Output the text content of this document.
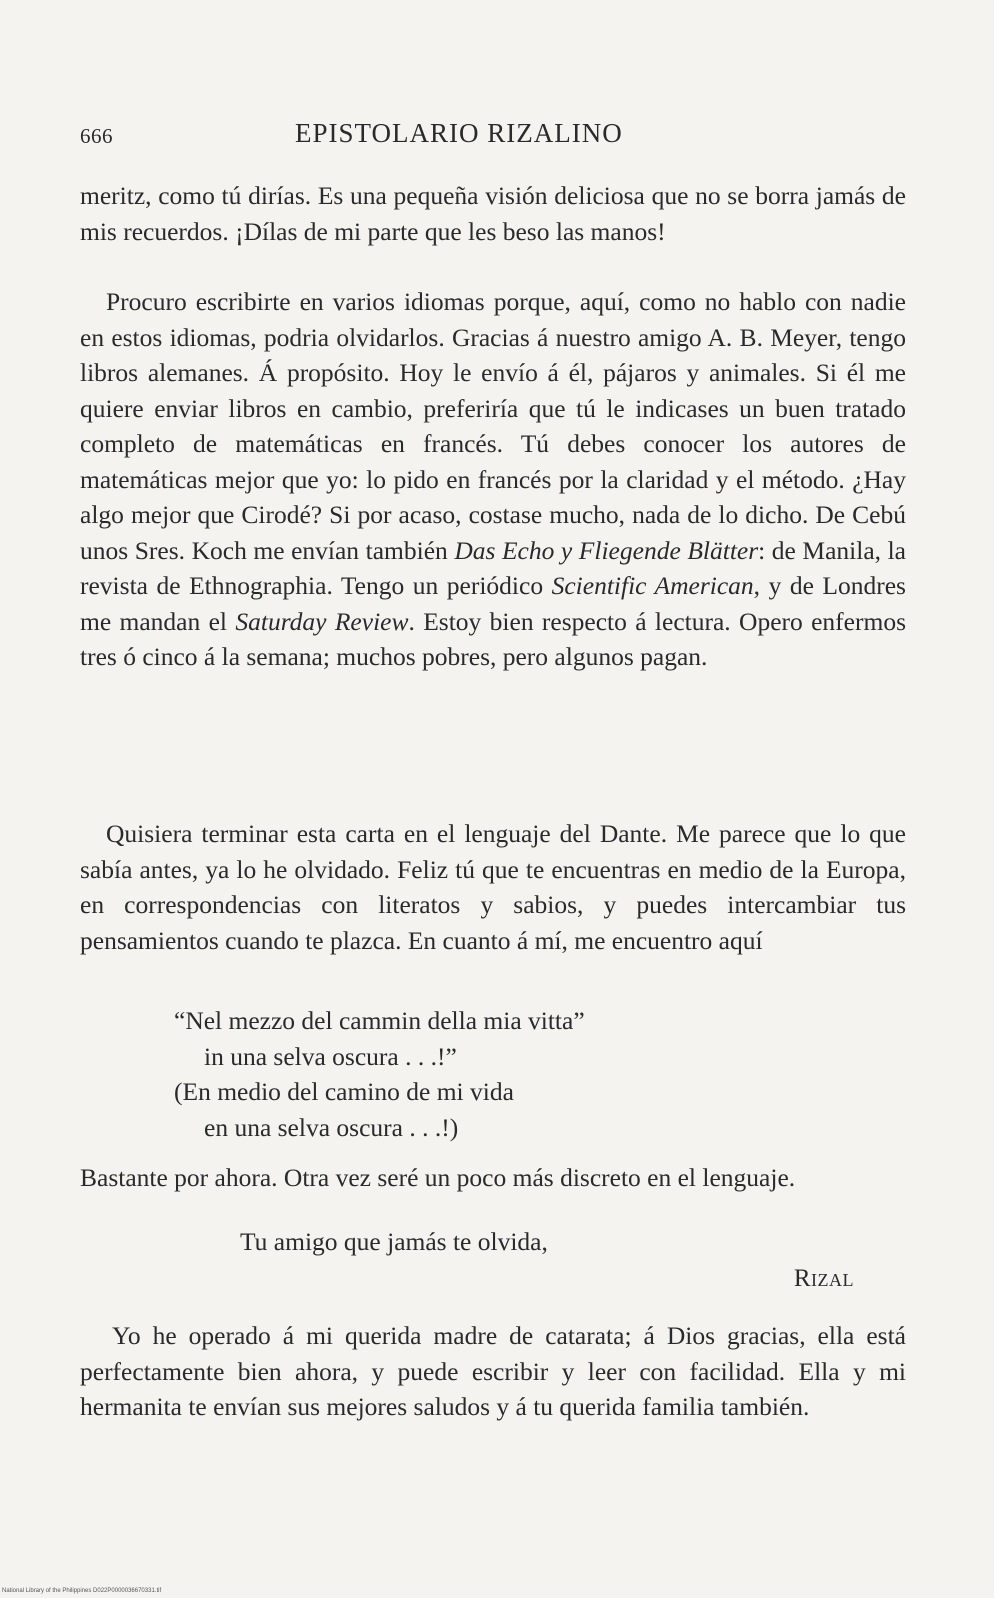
666	EPISTOLARIO RIZALINO

meritz, como tú dirías. Es una pequeña visión deliciosa que no se borra jamás de mis recuerdos. ¡Dílas de mi parte que les beso las manos!

Procuro escribirte en varios idiomas porque, aquí, como no hablo con nadie en estos idiomas, podria olvidarlos. Gracias á nuestro amigo A. B. Meyer, tengo libros alemanes. Á propósito. Hoy le envío á él, pájaros y animales. Si él me quiere enviar libros en cambio, preferiría que tú le indicases un buen tratado completo de matemáticas en francés. Tú debes conocer los autores de matemáticas mejor que yo: lo pido en francés por la claridad y el método. ¿Hay algo mejor que Cirodé? Si por acaso, costase mucho, nada de lo dicho. De Cebú unos Sres. Koch me envían también Das Echo y Fliegende Blätter: de Manila, la revista de Ethnographia. Tengo un periódico Scientific American, y de Londres me mandan el Saturday Review. Estoy bien respecto á lectura. Opero enfermos tres ó cinco á la semana; muchos pobres, pero algunos pagan.

Quisiera terminar esta carta en el lenguaje del Dante. Me parece que lo que sabía antes, ya lo he olvidado. Feliz tú que te encuentras en medio de la Europa, en correspondencias con literatos y sabios, y puedes intercambiar tus pensamientos cuando te plazca. En cuanto á mí, me encuentro aquí

“Nel mezzo del cammin della mia vitta”
in una selva oscura . . .!”
(En medio del camino de mi vida
en una selva oscura . . .!)

Bastante por ahora. Otra vez seré un poco más discreto en el lenguaje.

Tu amigo que jamás te olvida,
Rizal

Yo he operado á mi querida madre de catarata; á Dios gracias, ella está perfectamente bien ahora, y puede escribir y leer con facilidad. Ella y mi hermanita te envían sus mejores saludos y á tu querida familia también.

National Library of the Philippines D022P0000036670331.tif
